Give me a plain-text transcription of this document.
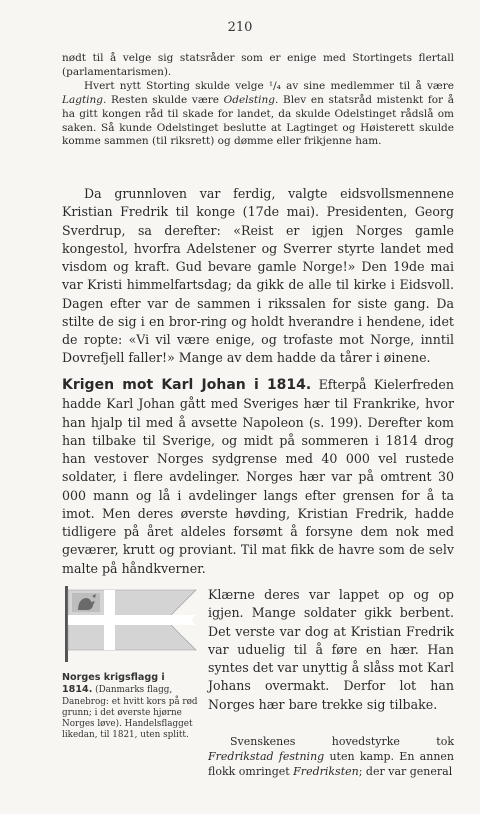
210

nødt til å velge sig statsråder som er enige med Stortingets flertall (parlamentarismen).

Hvert nytt Storting skulde velge ¹/₄ av sine medlemmer til å være Lagting. Resten skulde være Odelsting. Blev en statsråd mistenkt for å ha gitt kongen råd til skade for landet, da skulde Odelstinget rådslå om saken. Så kunde Odelstinget beslutte at Lagtinget og Høisterett skulde komme sammen (til riksrett) og dømme eller frikjenne ham.

Da grunnloven var ferdig, valgte eidsvollsmennene Kristian Fredrik til konge (17de mai). Presidenten, Georg Sverdrup, sa derefter: «Reist er igjen Norges gamle kongestol, hvorfra Adelstener og Sverrer styrte landet med visdom og kraft. Gud bevare gamle Norge!» Den 19de mai var Kristi himmelfartsdag; da gikk de alle til kirke i Eidsvoll. Dagen efter var de sammen i rikssalen for siste gang. Da stilte de sig i en bror-ring og holdt hverandre i hendene, idet de ropte: «Vi vil være enige, og trofaste mot Norge, inntil Dovrefjell faller!» Mange av dem hadde da tårer i øinene.

Krigen mot Karl Johan i 1814. Efterpå Kielerfreden hadde Karl Johan gått med Sveriges hær til Frankrike, hvor han hjalp til med å avsette Napoleon (s. 199). Derefter kom han tilbake til Sverige, og midt på sommeren i 1814 drog han vestover Norges sydgrense med 40 000 vel rustede soldater, i flere avdelinger. Norges hær var på omtrent 30 000 mann og lå i avdelinger langs efter grensen for å ta imot. Men deres øverste høvding, Kristian Fredrik, hadde tidligere på året aldeles forsømt å forsyne dem nok med geværer, krutt og proviant. Til mat fikk de havre som de selv malte på håndkverner.

Norges krigsflagg i 1814. (Danmarks flagg, Danebrog: et hvitt kors på rød grunn; i det øverste hjørne Norges løve). Handelsflagget likedan, til 1821, uten splitt.

Klærne deres var lappet op og op igjen. Mange soldater gikk berbent. Det verste var dog at Kristian Fredrik var uduelig til å føre en hær. Han syntes det var unyttig å slåss mot Karl Johans overmakt. Derfor lot han Norges hær bare trekke sig tilbake.

Svenskenes hovedstyrke tok Fredrikstad festning uten kamp. En annen flokk omringet Fredriksten; der var general
